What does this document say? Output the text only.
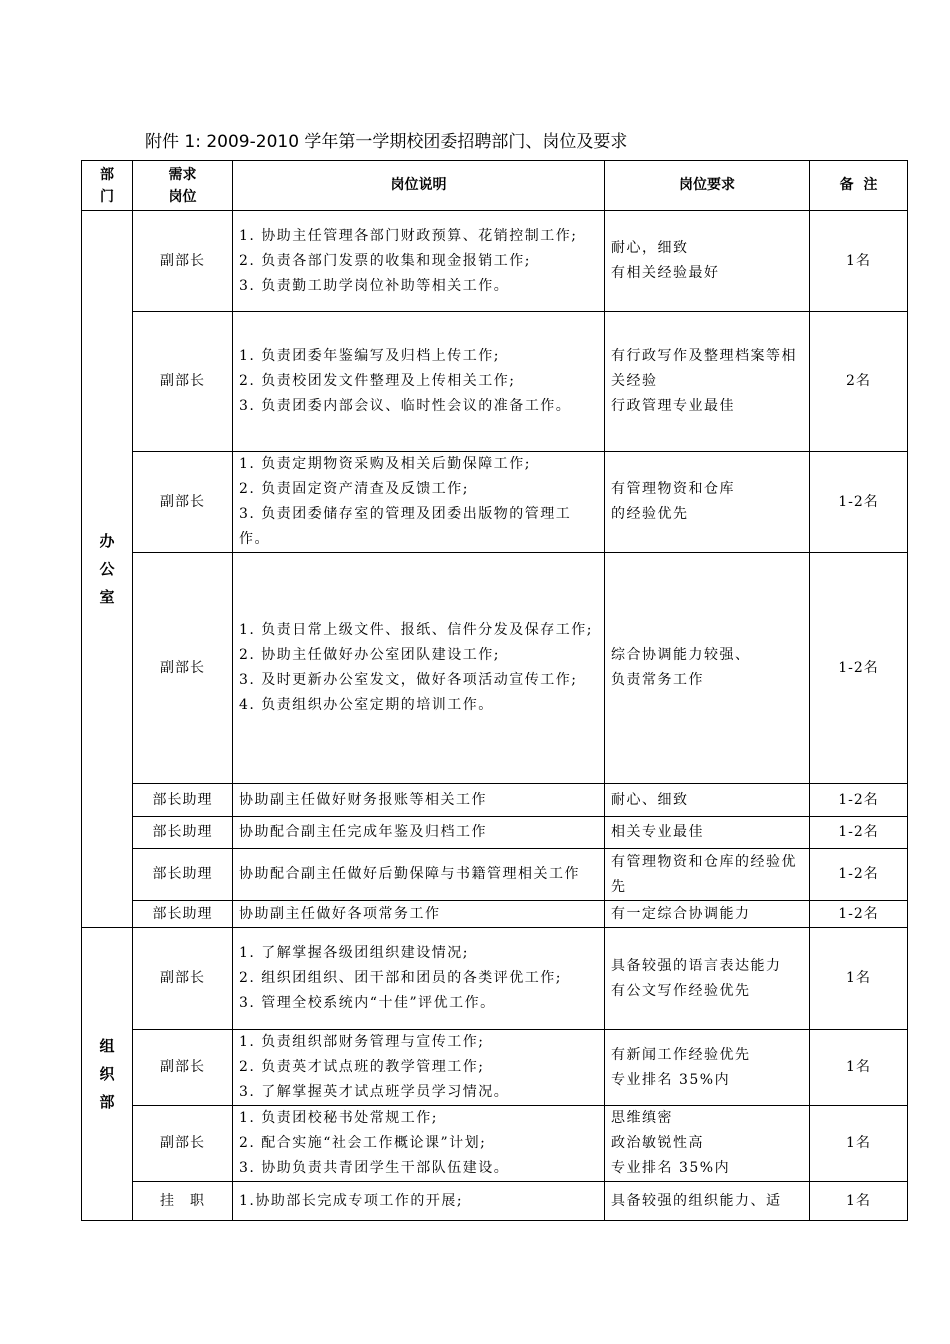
附件 1: 2009-2010 学年第一学期校团委招聘部门、岗位及要求
部门	需求岗位	岗位说明	岗位要求	备  注

办公室	副部长	1. 协助主任管理各部门财政预算、花销控制工作;
2. 负责各部门发票的收集和现金报销工作;
3. 负责勤工助学岗位补助等相关工作。	耐心，细致
有相关经验最好	1名
	副部长	1. 负责团委年鉴编写及归档上传工作;
2. 负责校团发文件整理及上传相关工作;
3. 负责团委内部会议、临时性会议的准备工作。	有行政写作及整理档案等相关经验
行政管理专业最佳	2名
	副部长	1. 负责定期物资采购及相关后勤保障工作;
2. 负责固定资产清查及反馈工作;
3. 负责团委储存室的管理及团委出版物的管理工作。	有管理物资和仓库
的经验优先	1-2名
	副部长	1. 负责日常上级文件、报纸、信件分发及保存工作;
2. 协助主任做好办公室团队建设工作;
3. 及时更新办公室发文，做好各项活动宣传工作;
4. 负责组织办公室定期的培训工作。	综合协调能力较强、
负责常务工作	1-2名
	部长助理	协助副主任做好财务报账等相关工作	耐心、细致	1-2名
	部长助理	协助配合副主任完成年鉴及归档工作	相关专业最佳	1-2名
	部长助理	协助配合副主任做好后勤保障与书籍管理相关工作	有管理物资和仓库的经验优先	1-2名
	部长助理	协助副主任做好各项常务工作	有一定综合协调能力	1-2名

组织部	副部长	1. 了解掌握各级团组织建设情况;
2. 组织团组织、团干部和团员的各类评优工作;
3. 管理全校系统内“十佳”评优工作。	具备较强的语言表达能力
有公文写作经验优先	1名
	副部长	1. 负责组织部财务管理与宣传工作;
2. 负责英才试点班的教学管理工作;
3. 了解掌握英才试点班学员学习情况。	有新闻工作经验优先
专业排名 35%内	1名
	副部长	1. 负责团校秘书处常规工作;
2. 配合实施“社会工作概论课”计划;
3. 协助负责共青团学生干部队伍建设。	思维缜密
政治敏锐性高
专业排名 35%内	1名
	挂　职	1.协助部长完成专项工作的开展;	具备较强的组织能力、适	1名
